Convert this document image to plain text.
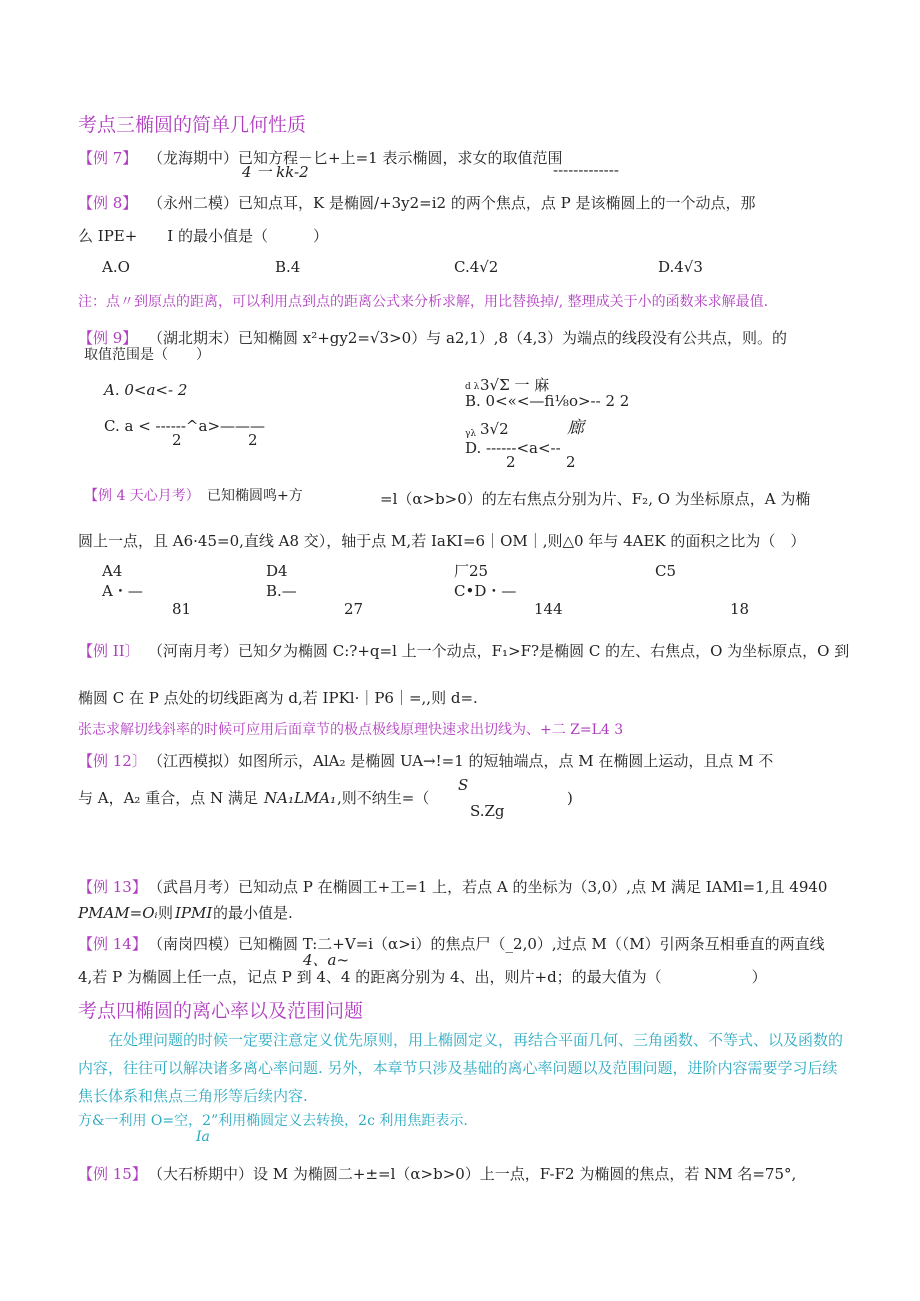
考点三椭圆的简单几何性质
【例 7】 （龙海期中）已知方程－匕+上=1 表示椭圆，求女的取值范围
4 一 kk-2	-------------
【例 8】 （永州二模）已知点耳，K 是椭圆/+3y2=i2 的两个焦点，点 P 是该椭圆上的一个动点，那
么 IPE+　　I 的最小值是（　　　）
A.O	B.4	C.4√2	D.4√3
注：点〃到原点的距离，可以利用点到点的距离公式来分析求解，用比替换掉/, 整理成关于小的函数来求解最值.
【例 9】 （湖北期末）已知椭圆 x²+gy2=√3>0）与 a2,1）,8（4,3）为端点的线段没有公共点，则。的
取值范围是（　　）
A. 0<a<- 2	d λ 3√Σ 一 麻
B. 0<«<—fi⅛o>-- 2 2
C. a < ------^a>———
2	2	γλ 3√2	廊
D. ------<a<--
2	2
【例 4 天心月考） 已知椭圆鸣+方	=l（α>b>0）的左右焦点分别为片、F₂, O 为坐标原点，A 为椭
圆上一点，且 A6·45=0,直线 A8 交），轴于点 M,若 IaKI=6｜OM｜,则△0 年与 4AEK 的面积之比为（　）
A4	D4	厂25	C5
A・—	B.—	C•D・—
81	27	144	18
【例 II〕 （河南月考）已知夕为椭圆 C:?+q=l 上一个动点，F₁>F?是椭圆 C 的左、右焦点，O 为坐标原点，O 到
椭圆 C 在 P 点处的切线距离为 d,若 IPKl·｜P6｜=,,则 d=.
张志求解切线斜率的时候可应用后面章节的极点极线原理快速求出切线为、+二 Z=L4 3
【例 12〕 （江西模拟）如图所示，AlA₂ 是椭圆 UA→!=1 的短轴端点，点 M 在椭圆上运动，且点 M 不
与 A，A₂ 重合，点 N 满足 NA₁LMA₁ ,则不纳生=（
S
S.Zg
)
【例 13】 （武昌月考）已知动点 P 在椭圆工+工=1 上，若点 A 的坐标为（3,0）,点 M 满足 IAMl=1,且 4940
PMAM=Oᵢ 则 IPMI 的最小值是.
【例 14】 （南岗四模）已知椭圆 T:二+V=i（α>i）的焦点尸（_2,0）,过点 M（（M）引两条互相垂直的两直线
4、a~
4,若 P 为椭圆上任一点，记点 P 到 4、4 的距离分别为 4、出，则片+d；的最大值为（　　　　　　）
考点四椭圆的离心率以及范围问题
在处理问题的时候一定要注意定义优先原则，用上椭圆定义，再结合平面几何、三角函数、不等式、以及函数的内容，往往可以解决诸多离心率问题. 另外，本章节只涉及基础的离心率问题以及范围问题，进阶内容需要学习后续焦长体系和焦点三角形等后续内容.
方&一利用 O=空，2”利用椭圆定义去转换，2c 利用焦距表示.
Ia
【例 15】 （大石桥期中）设 M 为椭圆二+±=l（α>b>0）上一点，F-F2 为椭圆的焦点，若 NM 名=75°,
